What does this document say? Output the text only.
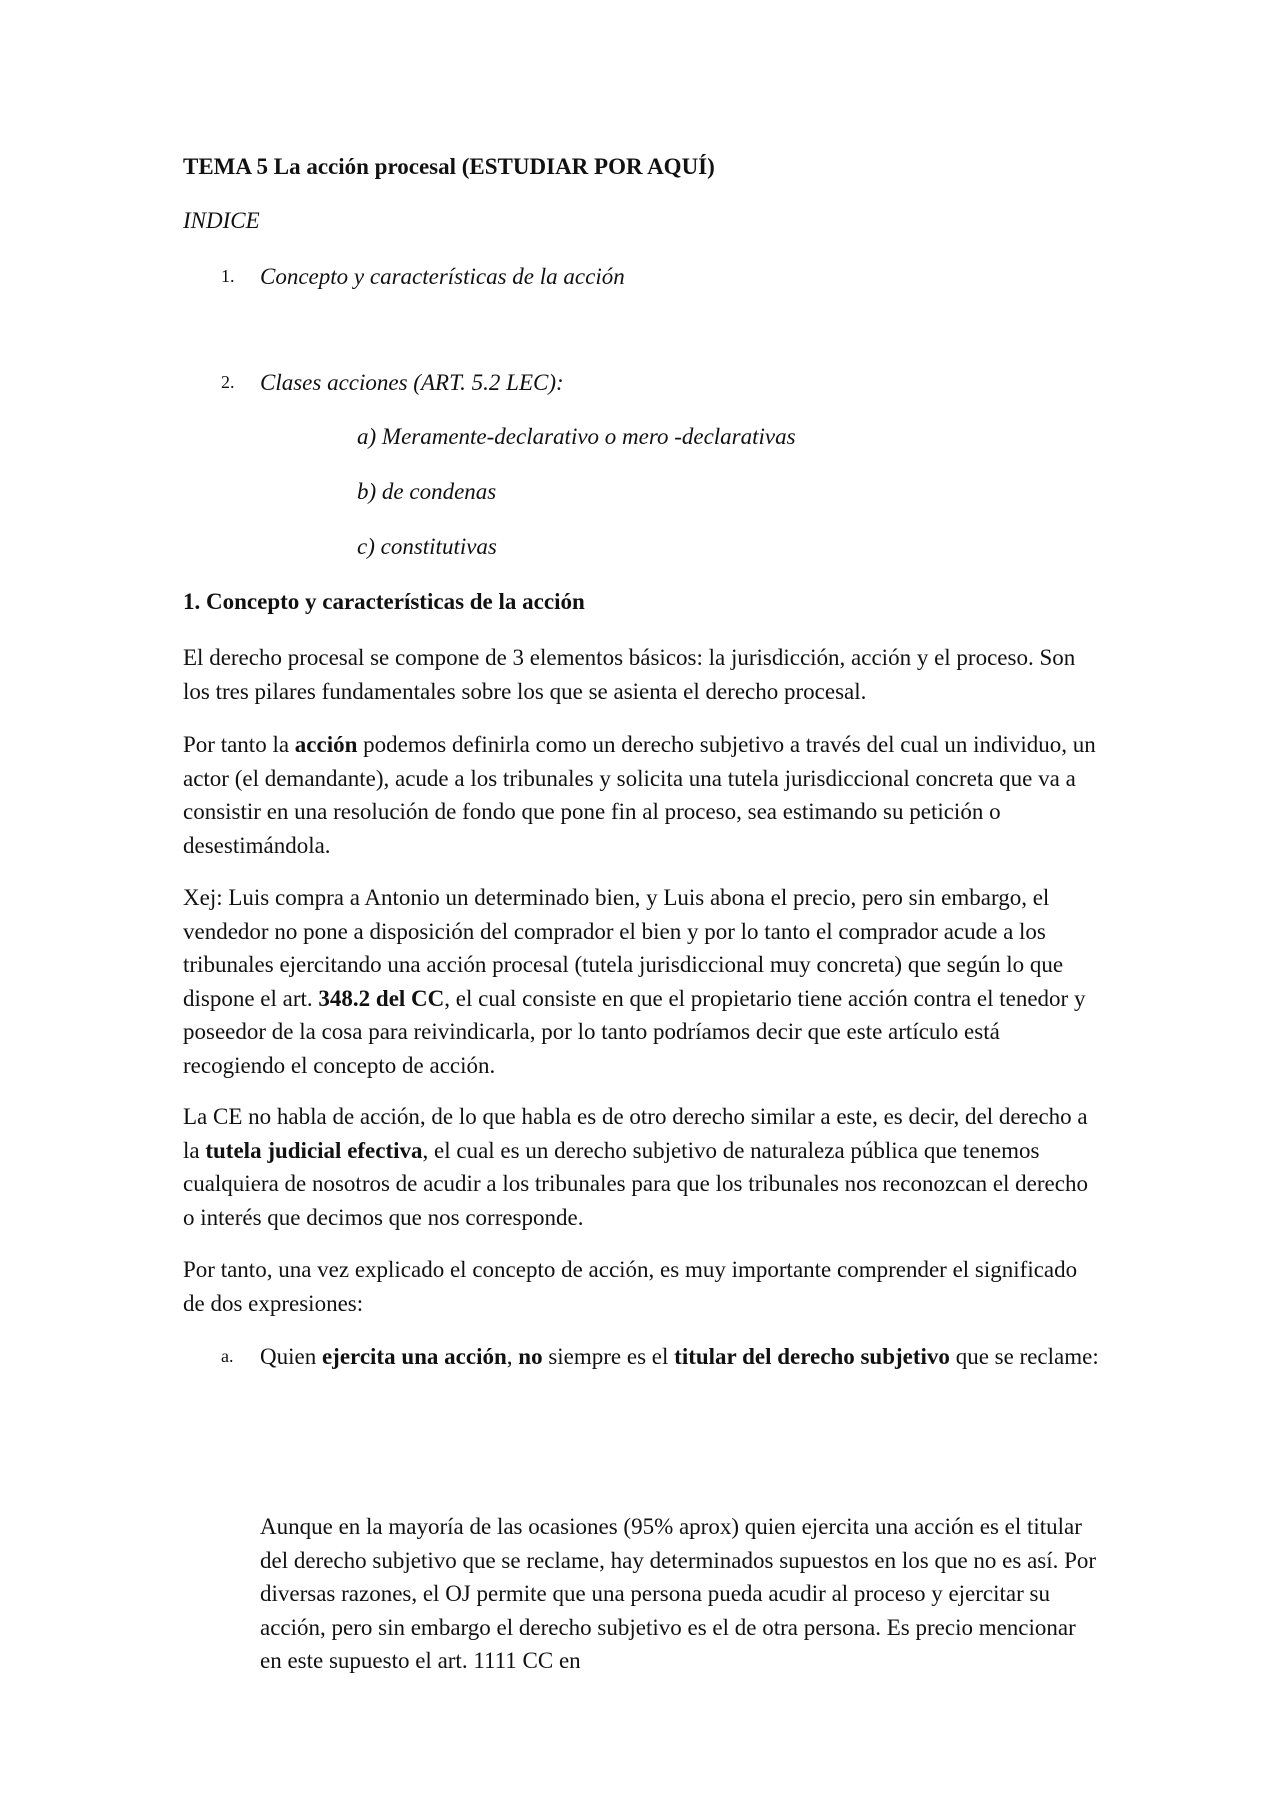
TEMA 5 La acción procesal (ESTUDIAR POR AQUÍ)
INDICE
1. Concepto y características de la acción
2. Clases acciones (ART. 5.2 LEC):
a) Meramente-declarativo o mero -declarativas
b) de condenas
c) constitutivas
1. Concepto y características de la acción

El derecho procesal se compone de 3 elementos básicos: la jurisdicción, acción y el proceso. Son los tres pilares fundamentales sobre los que se asienta el derecho procesal.

Por tanto la acción podemos definirla como un derecho subjetivo a través del cual un individuo, un actor (el demandante), acude a los tribunales y solicita una tutela jurisdiccional concreta que va a consistir en una resolución de fondo que pone fin al proceso, sea estimando su petición o desestimándola.

Xej: Luis compra a Antonio un determinado bien, y Luis abona el precio, pero sin embargo, el vendedor no pone a disposición del comprador el bien y por lo tanto el comprador acude a los tribunales ejercitando una acción procesal (tutela jurisdiccional muy concreta) que según lo que dispone el art. 348.2 del CC, el cual consiste en que el propietario tiene acción contra el tenedor y poseedor de la cosa para reivindicarla, por lo tanto podríamos decir que este artículo está recogiendo el concepto de acción.

La CE no habla de acción, de lo que habla es de otro derecho similar a este, es decir, del derecho a la tutela judicial efectiva, el cual es un derecho subjetivo de naturaleza pública que tenemos cualquiera de nosotros de acudir a los tribunales para que los tribunales nos reconozcan el derecho o interés que decimos que nos corresponde.

Por tanto, una vez explicado el concepto de acción, es muy importante comprender el significado de dos expresiones:

a. Quien ejercita una acción, no siempre es el titular del derecho subjetivo que se reclame:

Aunque en la mayoría de las ocasiones (95% aprox) quien ejercita una acción es el titular del derecho subjetivo que se reclame, hay determinados supuestos en los que no es así. Por diversas razones, el OJ permite que una persona pueda acudir al proceso y ejercitar su acción, pero sin embargo el derecho subjetivo es el de otra persona. Es precio mencionar en este supuesto el art. 1111 CC en
